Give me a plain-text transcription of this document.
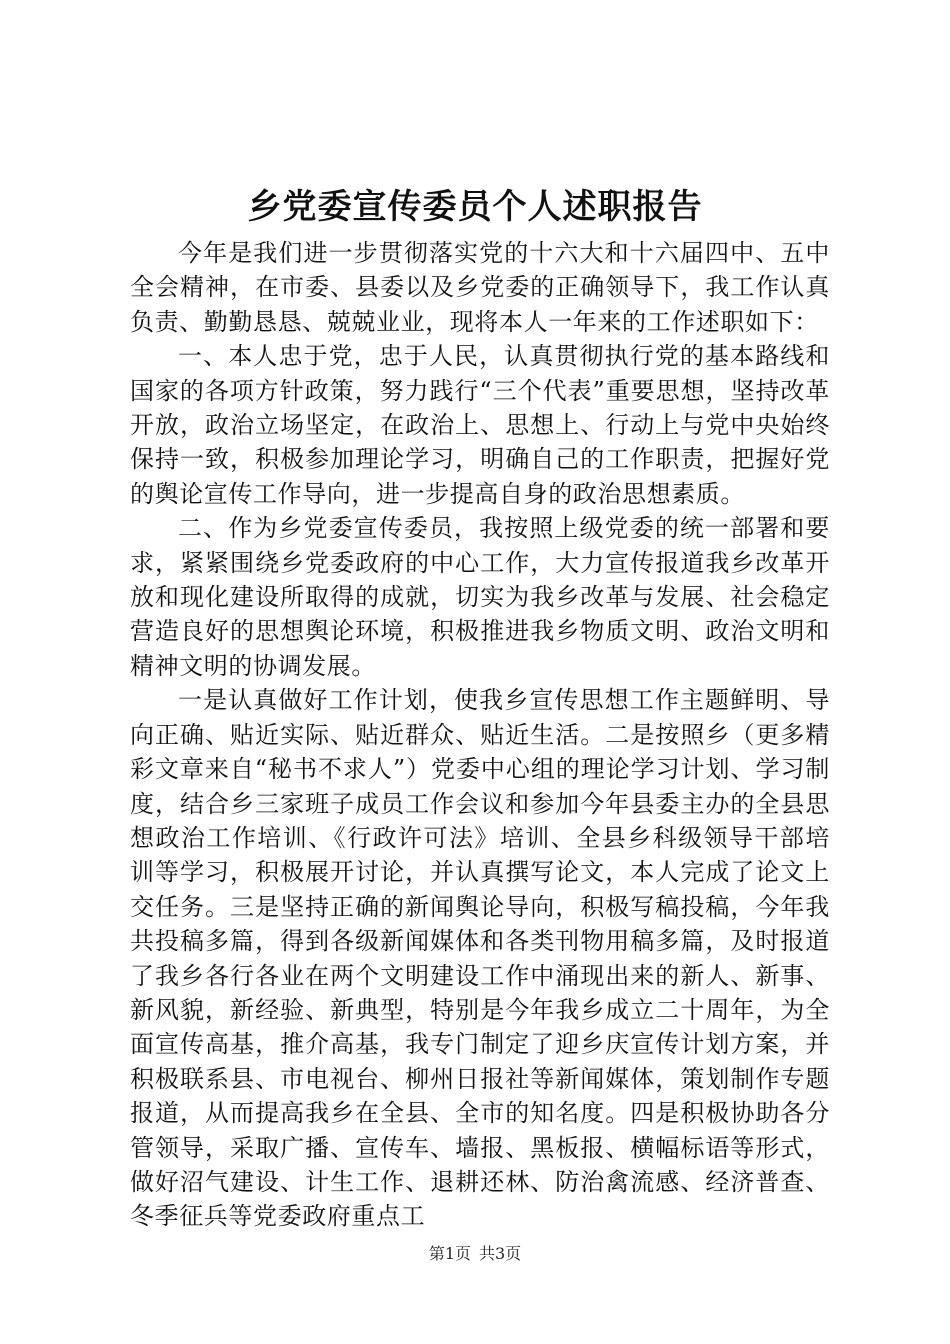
乡党委宣传委员个人述职报告

今年是我们进一步贯彻落实党的十六大和十六届四中、五中全会精神，在市委、县委以及乡党委的正确领导下，我工作认真负责、勤勤恳恳、兢兢业业，现将本人一年来的工作述职如下：

一、本人忠于党，忠于人民，认真贯彻执行党的基本路线和国家的各项方针政策，努力践行“三个代表”重要思想，坚持改革开放，政治立场坚定，在政治上、思想上、行动上与党中央始终保持一致，积极参加理论学习，明确自己的工作职责，把握好党的舆论宣传工作导向，进一步提高自身的政治思想素质。

二、作为乡党委宣传委员，我按照上级党委的统一部署和要求，紧紧围绕乡党委政府的中心工作，大力宣传报道我乡改革开放和现化建设所取得的成就，切实为我乡改革与发展、社会稳定营造良好的思想舆论环境，积极推进我乡物质文明、政治文明和精神文明的协调发展。

一是认真做好工作计划，使我乡宣传思想工作主题鲜明、导向正确、贴近实际、贴近群众、贴近生活。二是按照乡（更多精彩文章来自“秘书不求人”）党委中心组的理论学习计划、学习制度，结合乡三家班子成员工作会议和参加今年县委主办的全县思想政治工作培训、《行政许可法》培训、全县乡科级领导干部培训等学习，积极展开讨论，并认真撰写论文，本人完成了论文上交任务。三是坚持正确的新闻舆论导向，积极写稿投稿，今年我共投稿多篇，得到各级新闻媒体和各类刊物用稿多篇，及时报道了我乡各行各业在两个文明建设工作中涌现出来的新人、新事、新风貌，新经验、新典型，特别是今年我乡成立二十周年，为全面宣传高基，推介高基，我专门制定了迎乡庆宣传计划方案，并积极联系县、市电视台、柳州日报社等新闻媒体，策划制作专题报道，从而提高我乡在全县、全市的知名度。四是积极协助各分管领导，采取广播、宣传车、墙报、黑板报、横幅标语等形式，做好沼气建设、计生工作、退耕还林、防治禽流感、经济普查、冬季征兵等党委政府重点工

第1页 共3页
